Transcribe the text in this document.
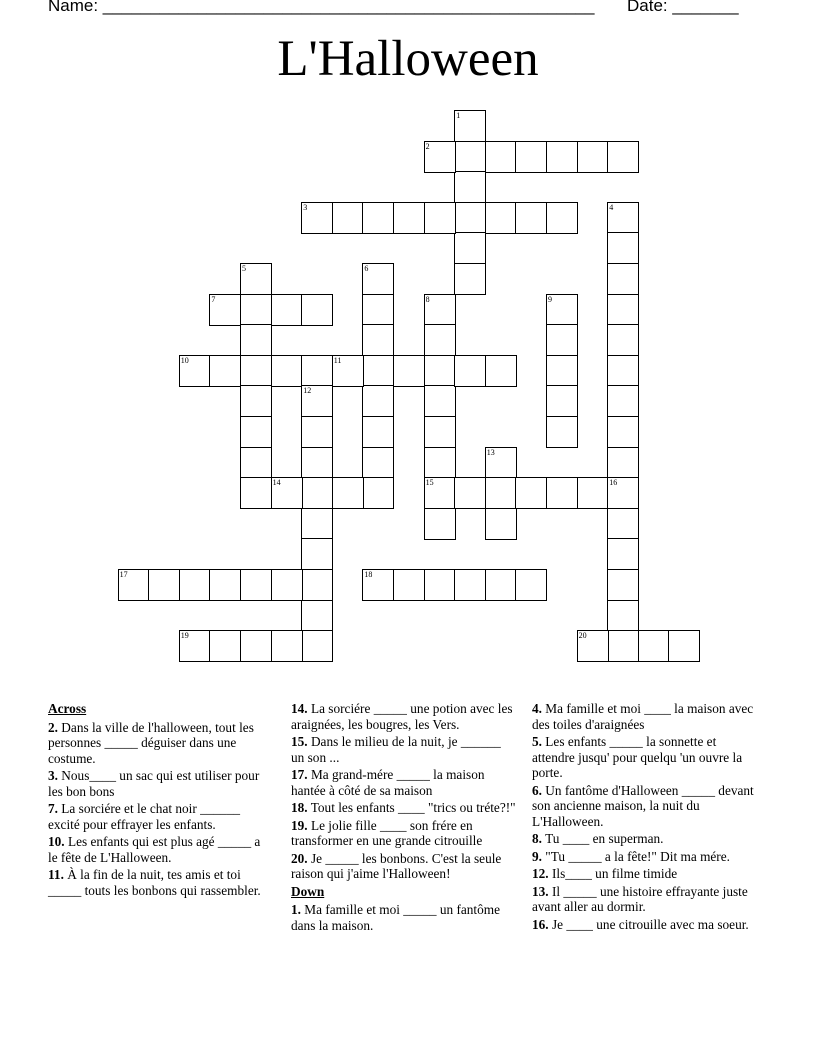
Name: ____________________________________________________ Date: _______
L'Halloween
1
2
3	4
5	6
7	8
15
9
10	11
12
13
14	16
17	18
19	20
Across
2. Dans la ville de l'halloween, tout les personnes _____ déguiser dans une costume.
3. Nous____ un sac qui est utiliser pour les bon bons
7. La sorciére et le chat noir ______ excité pour effrayer les enfants.
10. Les enfants qui est plus agé _____ a le fête de L'Halloween.
11. À la fin de la nuit, tes amis et toi _____ touts les bonbons qui rassembler.
14. La sorciére _____ une potion avec les araignées, les bougres, les Vers.
15. Dans le milieu de la nuit, je ______ un son ...
17. Ma grand-mére _____ la maison hantée à côté de sa maison
18. Tout les enfants ____ "trics ou tréte?!"
19. Le jolie fille ____ son frére en transformer en une grande citrouille
20. Je _____ les bonbons. C'est la seule raison qui j'aime l'Halloween!
Down
1. Ma famille et moi _____ un fantôme dans la maison.
4. Ma famille et moi ____ la maison avec des toiles d'araignées
5. Les enfants _____ la sonnette et attendre jusqu' pour quelqu 'un ouvre la porte.
6. Un fantôme d'Halloween _____ devant son ancienne maison, la nuit du L'Halloween.
8. Tu ____ en superman.
9. "Tu _____ a la fête!" Dit ma mére.
12. Ils____ un filme timide
13. Il _____ une histoire effrayante juste avant aller au dormir.
16. Je ____ une citrouille avec ma soeur.
